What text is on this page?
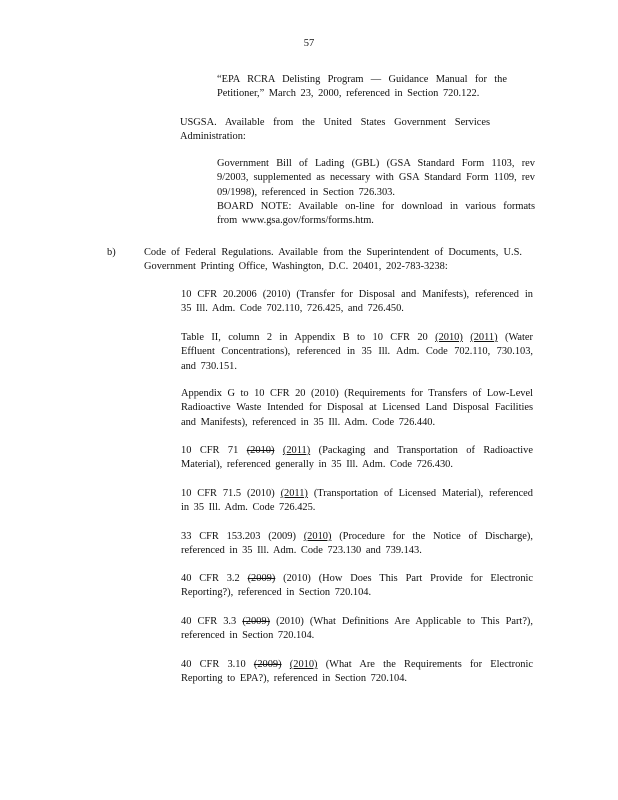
57

“EPA RCRA Delisting Program — Guidance Manual for the Petitioner,” March 23, 2000, referenced in Section 720.122.

USGSA. Available from the United States Government Services Administration:

Government Bill of Lading (GBL) (GSA Standard Form 1103, rev 9/2003, supplemented as necessary with GSA Standard Form 1109, rev 09/1998), referenced in Section 726.303.

BOARD NOTE: Available on-line for download in various formats from www.gsa.gov/forms/forms.htm.

b)	Code of Federal Regulations. Available from the Superintendent of Documents, U.S. Government Printing Office, Washington, D.C. 20401, 202-783-3238:

10 CFR 20.2006 (2010) (Transfer for Disposal and Manifests), referenced in 35 Ill. Adm. Code 702.110, 726.425, and 726.450.

Table II, column 2 in Appendix B to 10 CFR 20 (2010) (2011) (Water Effluent Concentrations), referenced in 35 Ill. Adm. Code 702.110, 730.103, and 730.151.

Appendix G to 10 CFR 20 (2010) (Requirements for Transfers of Low-Level Radioactive Waste Intended for Disposal at Licensed Land Disposal Facilities and Manifests), referenced in 35 Ill. Adm. Code 726.440.

10 CFR 71 (2010) (2011) (Packaging and Transportation of Radioactive Material), referenced generally in 35 Ill. Adm. Code 726.430.

10 CFR 71.5 (2010) (2011) (Transportation of Licensed Material), referenced in 35 Ill. Adm. Code 726.425.

33 CFR 153.203 (2009) (2010) (Procedure for the Notice of Discharge), referenced in 35 Ill. Adm. Code 723.130 and 739.143.

40 CFR 3.2 (2009) (2010) (How Does This Part Provide for Electronic Reporting?), referenced in Section 720.104.

40 CFR 3.3 (2009) (2010) (What Definitions Are Applicable to This Part?), referenced in Section 720.104.

40 CFR 3.10 (2009) (2010) (What Are the Requirements for Electronic Reporting to EPA?), referenced in Section 720.104.
